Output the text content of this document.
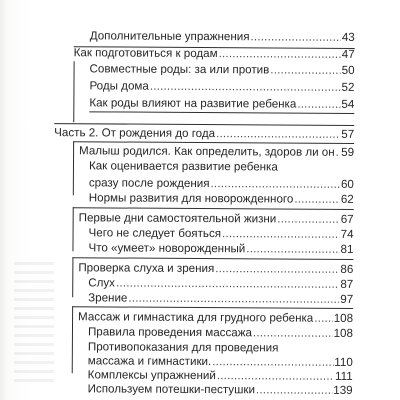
Дополнительные упражнения .....	43
Как подготовиться к родам .....	47
Совместные роды: за или против .....	50
Роды дома .....	52
Как роды влияют на развитие ребенка .....	54
Часть 2. От рождения до года .....	57
Малыш родился. Как определить, здоров ли он ..... 59
Как оценивается развитие ребенка
сразу после рождения .....	60
Нормы развития для новорожденного .....	62
Первые дни самостоятельной жизни .....	67
Чего не следует бояться .....	74
Что «умеет» новорожденный .....	81
Проверка слуха и зрения .....	86
Слух .....	87
Зрение .....	97
Массаж и гимнастика для грудного ребенка ..... 108
Правила проведения массажа .....	108
Противопоказания для проведения
массажа и гимнастики. .....	110
Комплексы упражнений .....	111
Используем потешки-пестушки .....	139
